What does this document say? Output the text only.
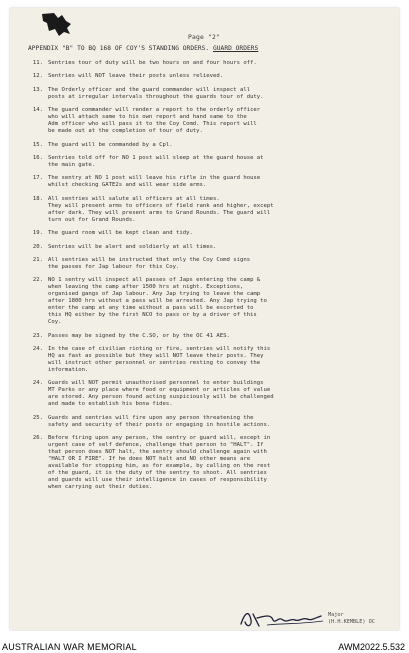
Page "2"
APPENDIX "B" TO BQ 168 OF COY'S STANDING ORDERS. GUARD ORDERS
11. Sentries tour of duty will be two hours on and four hours off.
12. Sentries will NOT leave their posts unless relieved.
13. The Orderly officer and the guard commander will inspect all
posts at irregular intervals throughout the guards tour of duty.
14. The guard commander will render a report to the orderly officer
who will attach same to his own report and hand same to the
Adm officer who will pass it to the Coy Comd. This report will
be made out at the completion of tour of duty.
15. The guard will be commanded by a Cpl.
16. Sentries told off for NO 1 post will sleep at the guard house at
the main gate.
17. The sentry at NO 1 post will leave his rifle in the guard house
whilst checking GATE2s and will wear side arms.
18. All sentries will salute all officers at all times.
They will present arms to officers of field rank and higher, except
after dark. They will present arms to Grand Rounds. The guard will
turn out for Grand Rounds.
19. The guard room will be kept clean and tidy.
20. Sentries will be alert and soldierly at all times.
21. All sentries will be instructed that only the Coy Comd signs
the passes for Jap labour for this Coy.
22. NO 1 sentry will inspect all passes of Japs entering the camp &
when leaving the camp after 1500 hrs at night. Exceptions,
organised gangs of Jap labour. Any Jap trying to leave the camp
after 1800 hrs without a pass will be arrested. Any Jap trying to
enter the camp at any time without a pass will be escorted to
this HQ either by the first NCO to pass or by a driver of this
Coy.
23. Passes may be signed by the C.SO, or by the OC 41 AES.
24. In the case of civilian rioting or fire, sentries will notify this
HQ as fast as possible but they will NOT leave their posts. They
will instruct other personnel or sentries resting to convey the
information.
24. Guards will NOT permit unauthorised personnel to enter buildings
MT Parks or any place where food or equipment or articles of value
are stored. Any person found acting suspiciously will be challenged
and made to establish his bona fides.
25. Guards and sentries will fire upon any person threatening the
safety and security of their posts or engaging in hostile actions.
26. Before firing upon any person, the sentry or guard will, except in
urgent case of self defence, challenge that person to "HALT". If
that person does NOT halt, the sentry should challenge again with
"HALT OR I FIRE". If he does NOT halt and NO other means are
available for stopping him, as for example, by calling on the rest
of the guard, it is the duty of the sentry to shoot. All sentries
and guards will use their intelligence in cases of responsibility
when carrying out their duties.
Major
(H.H.KEMBLE) OC
AUSTRALIAN WAR MEMORIAL	AWM2022.5.532
